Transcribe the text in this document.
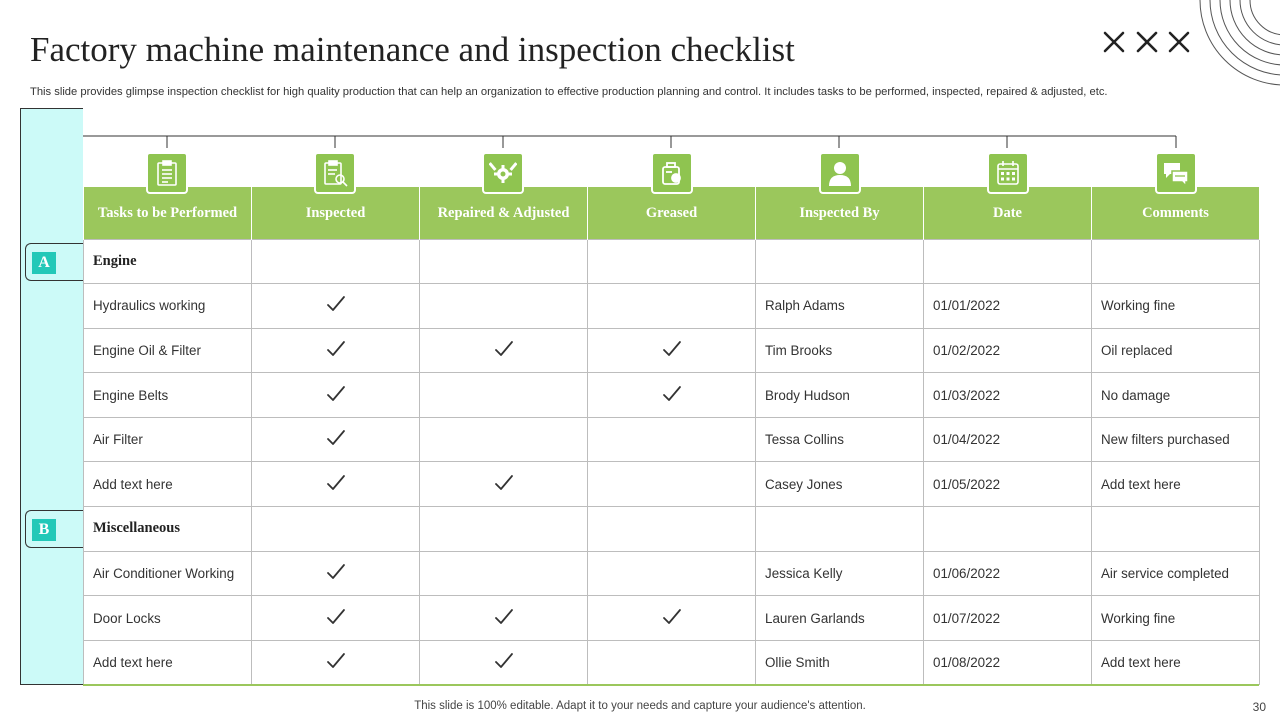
Factory machine maintenance and inspection checklist
This slide provides glimpse inspection checklist for high quality production that can help an organization to effective production planning and control. It includes tasks to be performed, inspected, repaired & adjusted, etc.
A
B
Tasks to be Performed	Inspected	Repaired & Adjusted	Greased	Inspected By	Date	Comments
Engine						
Hydraulics working				Ralph Adams	01/01/2022	Working fine
Engine Oil & Filter				Tim Brooks	01/02/2022	Oil replaced
Engine Belts				Brody Hudson	01/03/2022	No damage
Air Filter				Tessa Collins	01/04/2022	New filters purchased
Add text here				Casey Jones	01/05/2022	Add text here
Miscellaneous						
Air Conditioner Working				Jessica Kelly	01/06/2022	Air service completed
Door Locks				Lauren Garlands	01/07/2022	Working fine
Add text here				Ollie Smith	01/08/2022	Add text here
This slide is 100% editable. Adapt it to your needs and capture your audience's attention.	30
